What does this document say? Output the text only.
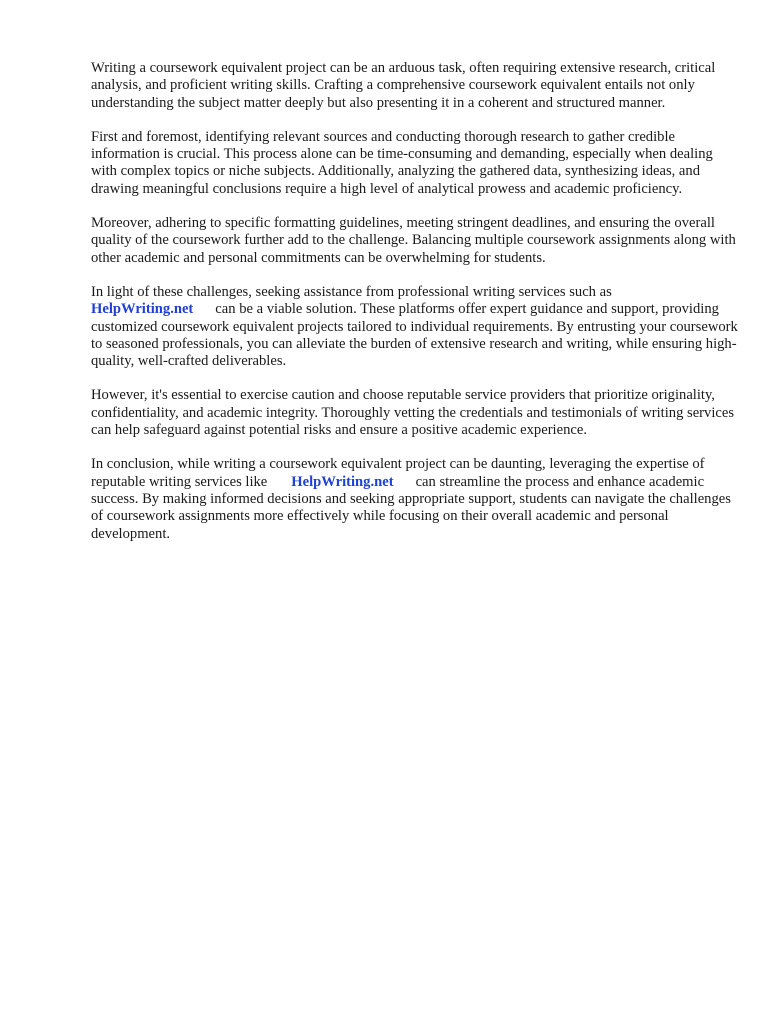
Writing a coursework equivalent project can be an arduous task, often requiring extensive research, critical analysis, and proficient writing skills. Crafting a comprehensive coursework equivalent entails not only understanding the subject matter deeply but also presenting it in a coherent and structured manner.

First and foremost, identifying relevant sources and conducting thorough research to gather credible information is crucial. This process alone can be time-consuming and demanding, especially when dealing with complex topics or niche subjects. Additionally, analyzing the gathered data, synthesizing ideas, and drawing meaningful conclusions require a high level of analytical prowess and academic proficiency.

Moreover, adhering to specific formatting guidelines, meeting stringent deadlines, and ensuring the overall quality of the coursework further add to the challenge. Balancing multiple coursework assignments along with other academic and personal commitments can be overwhelming for students.

In light of these challenges, seeking assistance from professional writing services such as
HelpWriting.net can be a viable solution. These platforms offer expert guidance and support, providing customized coursework equivalent projects tailored to individual requirements. By entrusting your coursework to seasoned professionals, you can alleviate the burden of extensive research and writing, while ensuring high-quality, well-crafted deliverables.

However, it's essential to exercise caution and choose reputable service providers that prioritize originality, confidentiality, and academic integrity. Thoroughly vetting the credentials and testimonials of writing services can help safeguard against potential risks and ensure a positive academic experience.

In conclusion, while writing a coursework equivalent project can be daunting, leveraging the expertise of reputable writing services like HelpWriting.net can streamline the process and enhance academic success. By making informed decisions and seeking appropriate support, students can navigate the challenges of coursework assignments more effectively while focusing on their overall academic and personal development.
